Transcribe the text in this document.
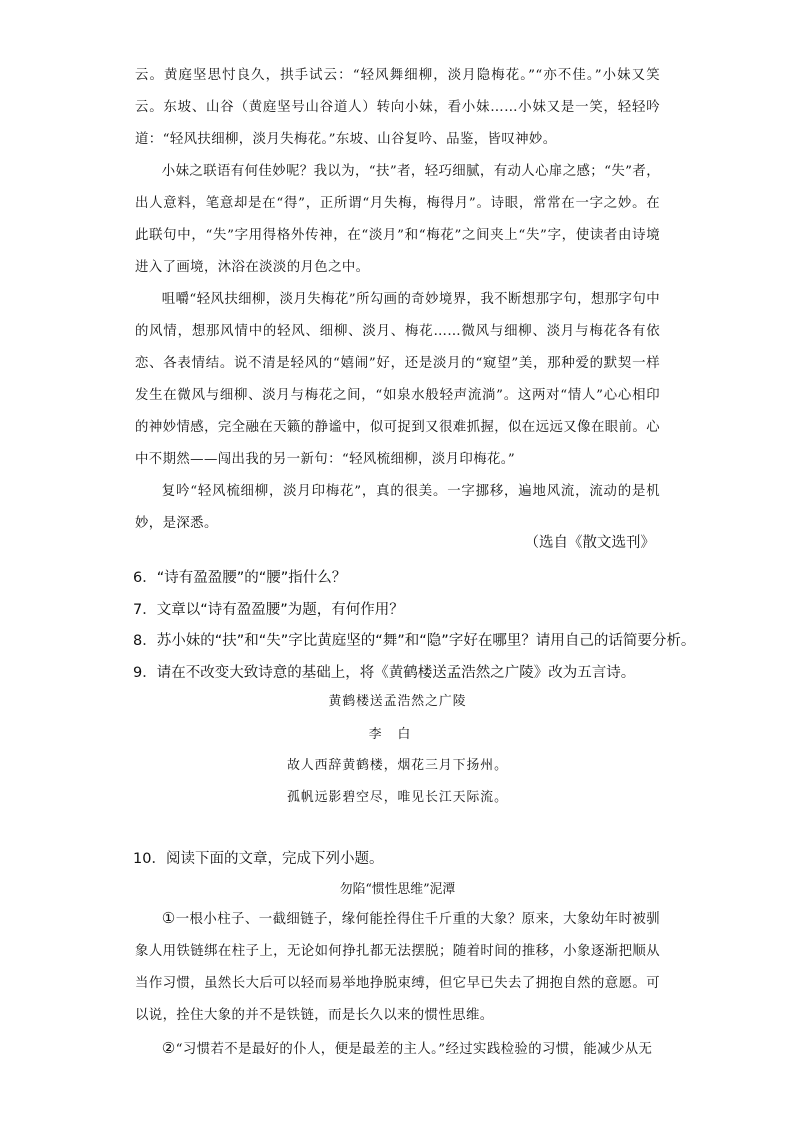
云。黄庭坚思忖良久，拱手试云：“轻风舞细柳，淡月隐梅花。”“亦不佳。”小妹又笑云。东坡、山谷（黄庭坚号山谷道人）转向小妹，看小妹……小妹又是一笑，轻轻吟道：“轻风扶细柳，淡月失梅花。”东坡、山谷复吟、品鉴，皆叹神妙。

小妹之联语有何佳妙呢？我以为，“扶”者，轻巧细腻，有动人心扉之感；“失”者，出人意料，笔意却是在“得”，正所谓“月失梅，梅得月”。诗眼，常常在一字之妙。在此联句中，“失”字用得格外传神，在“淡月”和“梅花”之间夹上“失”字，使读者由诗境进入了画境，沐浴在淡淡的月色之中。

咀嚼“轻风扶细柳，淡月失梅花”所勾画的奇妙境界，我不断想那字句，想那字句中的风情，想那风情中的轻风、细柳、淡月、梅花……微风与细柳、淡月与梅花各有依恋、各表情结。说不清是轻风的“嬉闹”好，还是淡月的“窥望”美，那种爱的默契一样发生在微风与细柳、淡月与梅花之间，“如泉水般轻声流淌”。这两对“情人”心心相印的神妙情感，完全融在天籁的静谧中，似可捉到又很难抓握，似在远远又像在眼前。心中不期然——闯出我的另一新句：“轻风梳细柳，淡月印梅花。”

复吟“轻风梳细柳，淡月印梅花”，真的很美。一字挪移，遍地风流，流动的是机妙，是深悉。

（选自《散文选刊》

6．“诗有盈盈腰”的“腰”指什么？

7．文章以“诗有盈盈腰”为题，有何作用？

8．苏小妹的“扶”和“失”字比黄庭坚的“舞”和“隐”字好在哪里？请用自己的话简要分析。

9．请在不改变大致诗意的基础上，将《黄鹤楼送孟浩然之广陵》改为五言诗。

黄鹤楼送孟浩然之广陵
李白
故人西辞黄鹤楼，烟花三月下扬州。
孤帆远影碧空尽，唯见长江天际流。
10．阅读下面的文章，完成下列小题。
勿陷“惯性思维”泥潭

①一根小柱子、一截细链子，缘何能拴得住千斤重的大象？原来，大象幼年时被驯象人用铁链绑在柱子上，无论如何挣扎都无法摆脱；随着时间的推移，小象逐渐把顺从当作习惯，虽然长大后可以轻而易举地挣脱束缚，但它早已失去了拥抱自然的意愿。可以说，拴住大象的并不是铁链，而是长久以来的惯性思维。

②“习惯若不是最好的仆人，便是最差的主人。”经过实践检验的习惯，能减少从无
